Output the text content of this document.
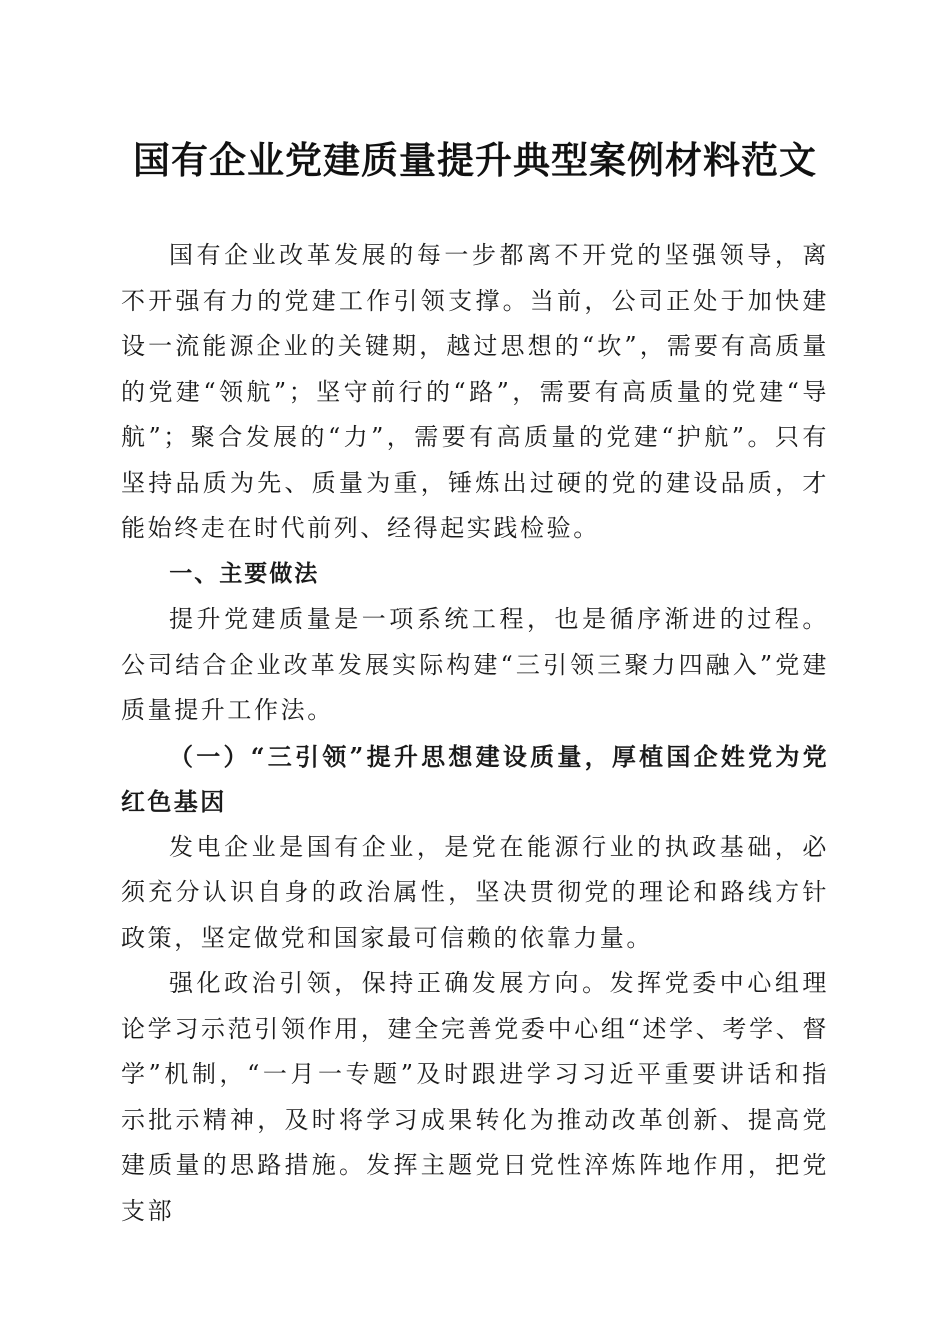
国有企业党建质量提升典型案例材料范文

国有企业改革发展的每一步都离不开党的坚强领导，离不开强有力的党建工作引领支撑。当前，公司正处于加快建设一流能源企业的关键期，越过思想的“坎”，需要有高质量的党建“领航”；坚守前行的“路”，需要有高质量的党建“导航”；聚合发展的“力”，需要有高质量的党建“护航”。只有坚持品质为先、质量为重，锤炼出过硬的党的建设品质，才能始终走在时代前列、经得起实践检验。

一、主要做法

提升党建质量是一项系统工程，也是循序渐进的过程。公司结合企业改革发展实际构建“三引领三聚力四融入”党建质量提升工作法。

（一）“三引领”提升思想建设质量，厚植国企姓党为党红色基因

发电企业是国有企业，是党在能源行业的执政基础，必须充分认识自身的政治属性，坚决贯彻党的理论和路线方针政策，坚定做党和国家最可信赖的依靠力量。

强化政治引领，保持正确发展方向。发挥党委中心组理论学习示范引领作用，建全完善党委中心组“述学、考学、督学”机制，“一月一专题”及时跟进学习习近平重要讲话和指示批示精神，及时将学习成果转化为推动改革创新、提高党建质量的思路措施。发挥主题党日党性淬炼阵地作用，把党支部
